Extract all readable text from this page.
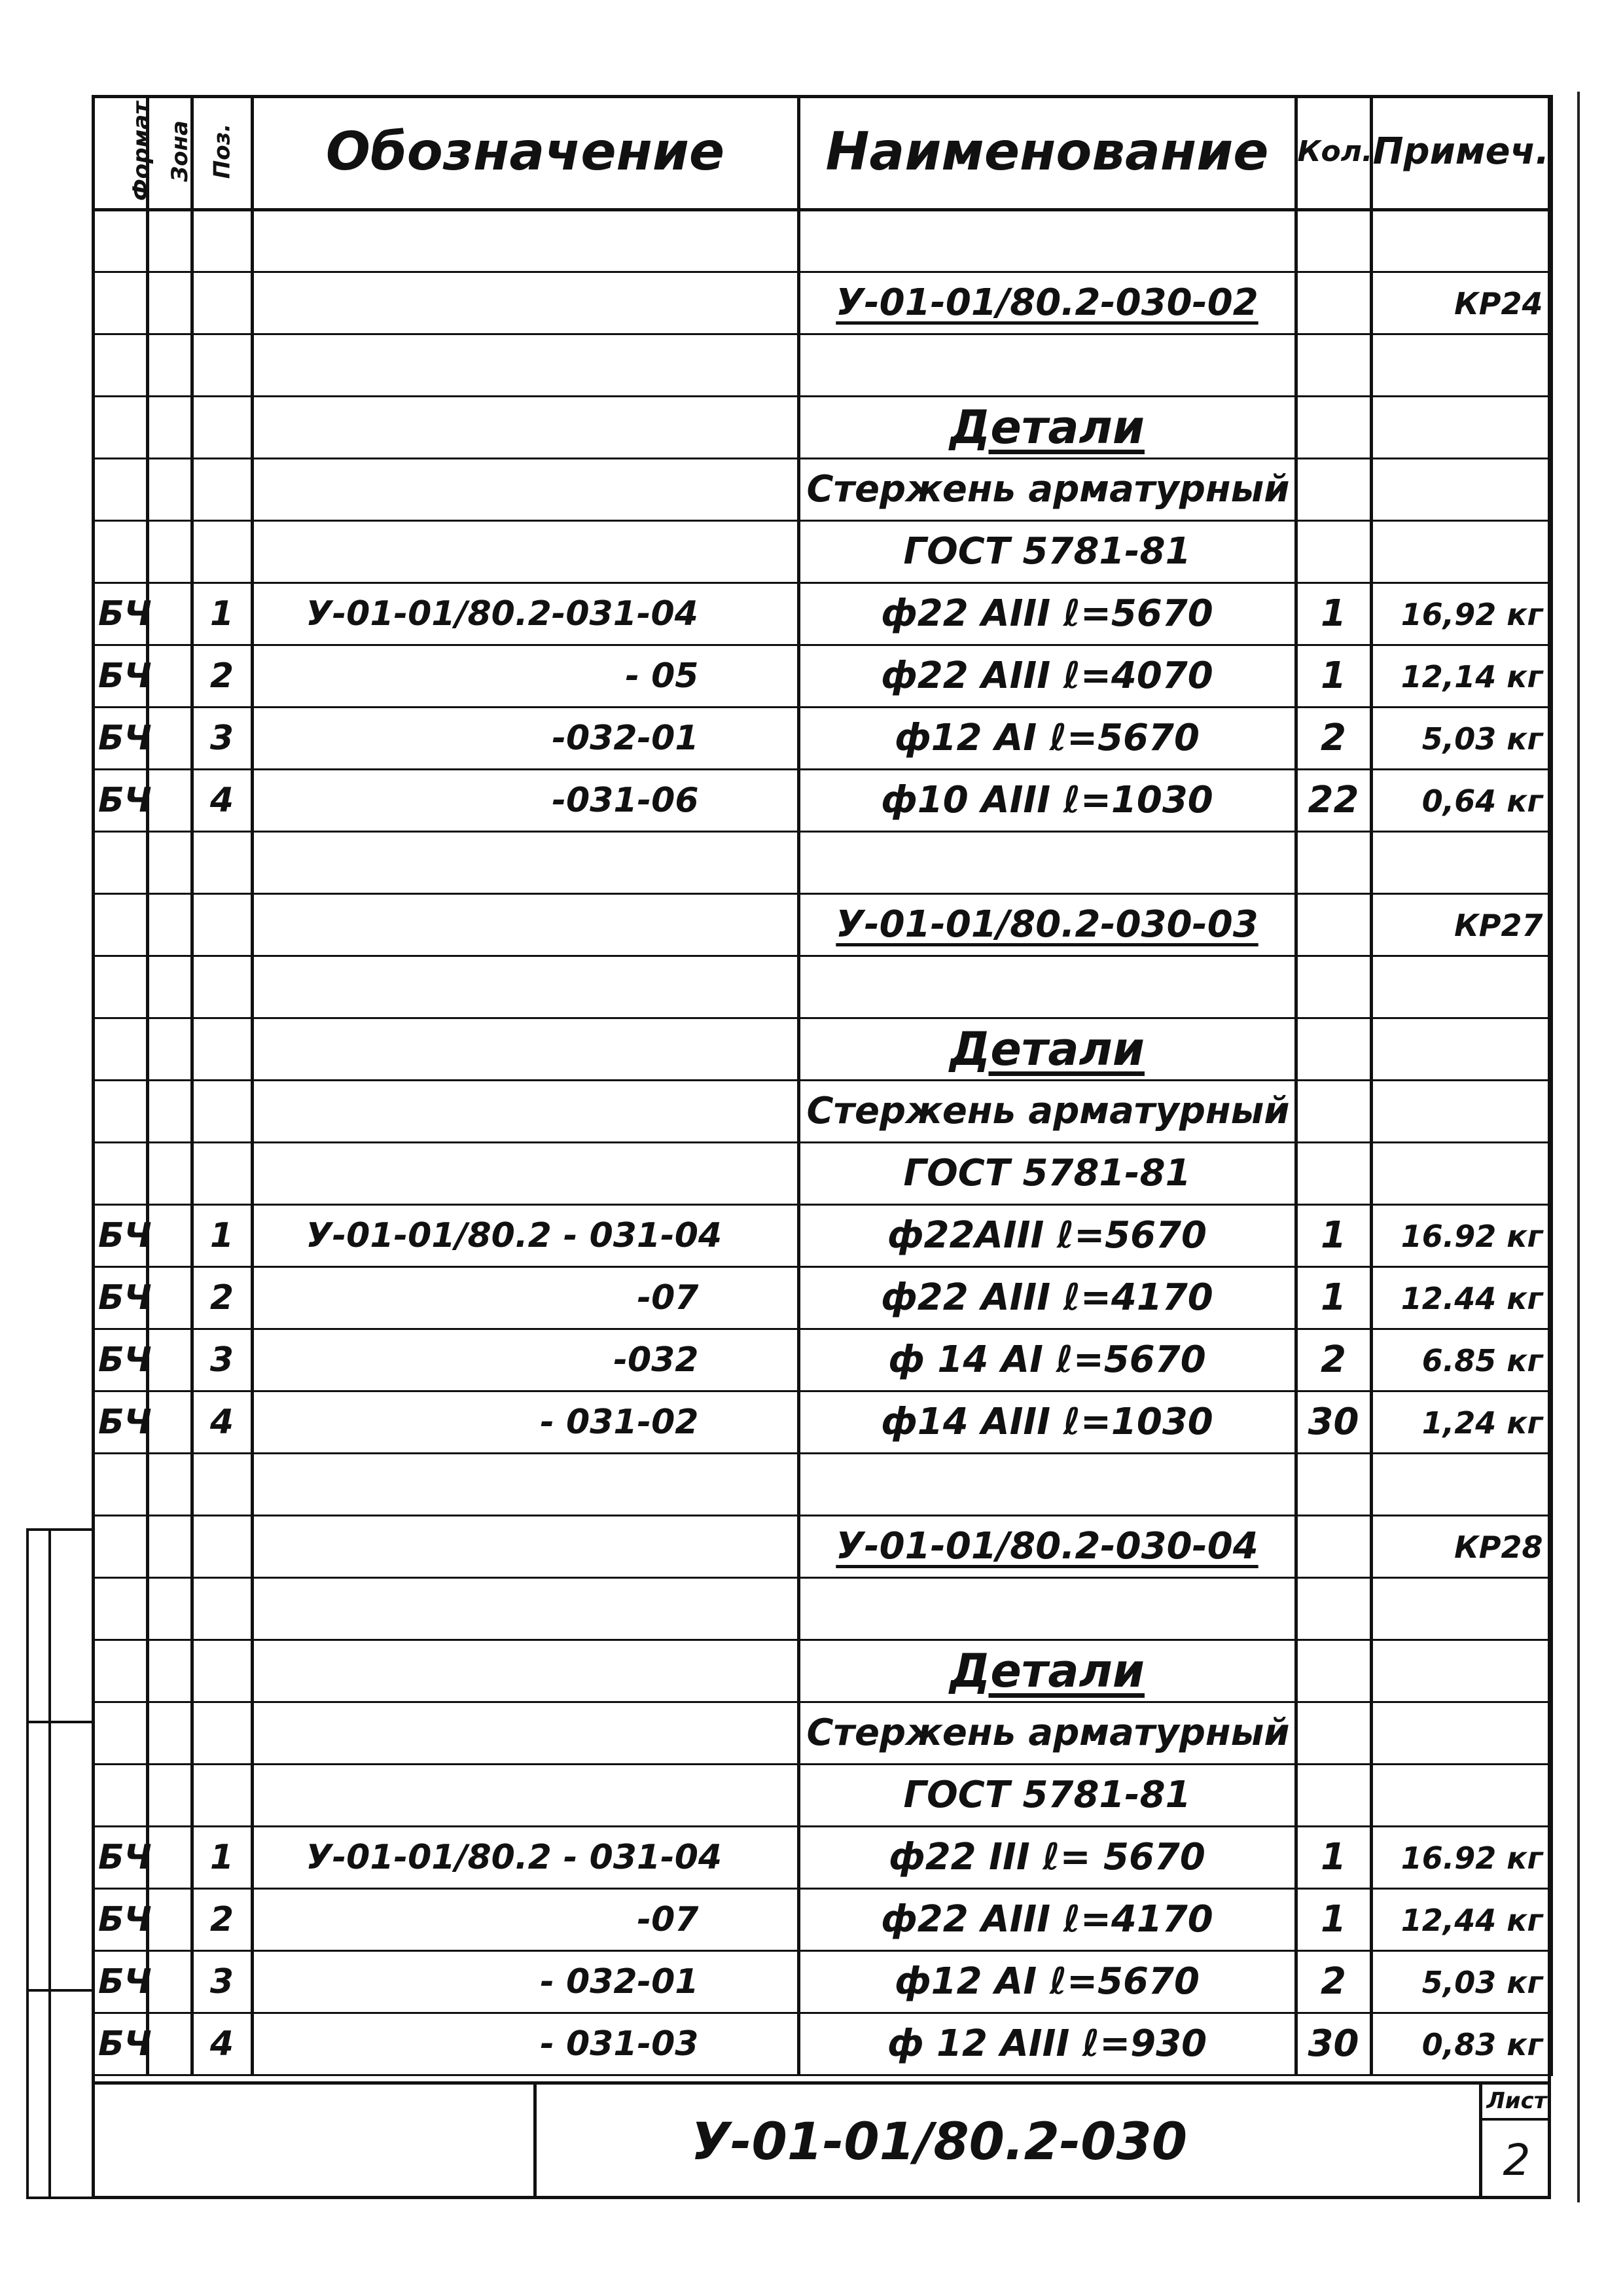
Формат	Зона	Поз.	Обозначение	Наименование	Кол.	Примеч.

				У-01-01/80.2-030-02		КР24

				Детали		
				Стержень арматурный		
				ГОСТ 5781-81		
БЧ		1	У-01-01/80.2-031-04	ф22 АIII ℓ=5670	1	16,92 кг
БЧ		2	- 05	ф22 АIII ℓ=4070	1	12,14 кг
БЧ		3	-032-01	ф12 АI ℓ=5670	2	5,03 кг
БЧ		4	-031-06	ф10 АIII ℓ=1030	22	0,64 кг

				У-01-01/80.2-030-03		КР27

				Детали		
				Стержень арматурный		
				ГОСТ 5781-81		
БЧ		1	У-01-01/80.2 - 031-04	ф22АIII ℓ=5670	1	16.92 кг
БЧ		2	-07	ф22 АIII ℓ=4170	1	12.44 кг
БЧ		3	-032	ф 14 АI ℓ=5670	2	6.85 кг
БЧ		4	- 031-02	ф14 АIII ℓ=1030	30	1,24 кг

				У-01-01/80.2-030-04		КР28

				Детали		
				Стержень арматурный		
				ГОСТ 5781-81		
БЧ		1	У-01-01/80.2 - 031-04	ф22 III ℓ= 5670	1	16.92 кг
БЧ		2	-07	ф22 АIII ℓ=4170	1	12,44 кг
БЧ		3	- 032-01	ф12 АI ℓ=5670	2	5,03 кг
БЧ		4	- 031-03	ф 12 АIII ℓ=930	30	0,83 кг
У-01-01/80.2-030
Лист
2
